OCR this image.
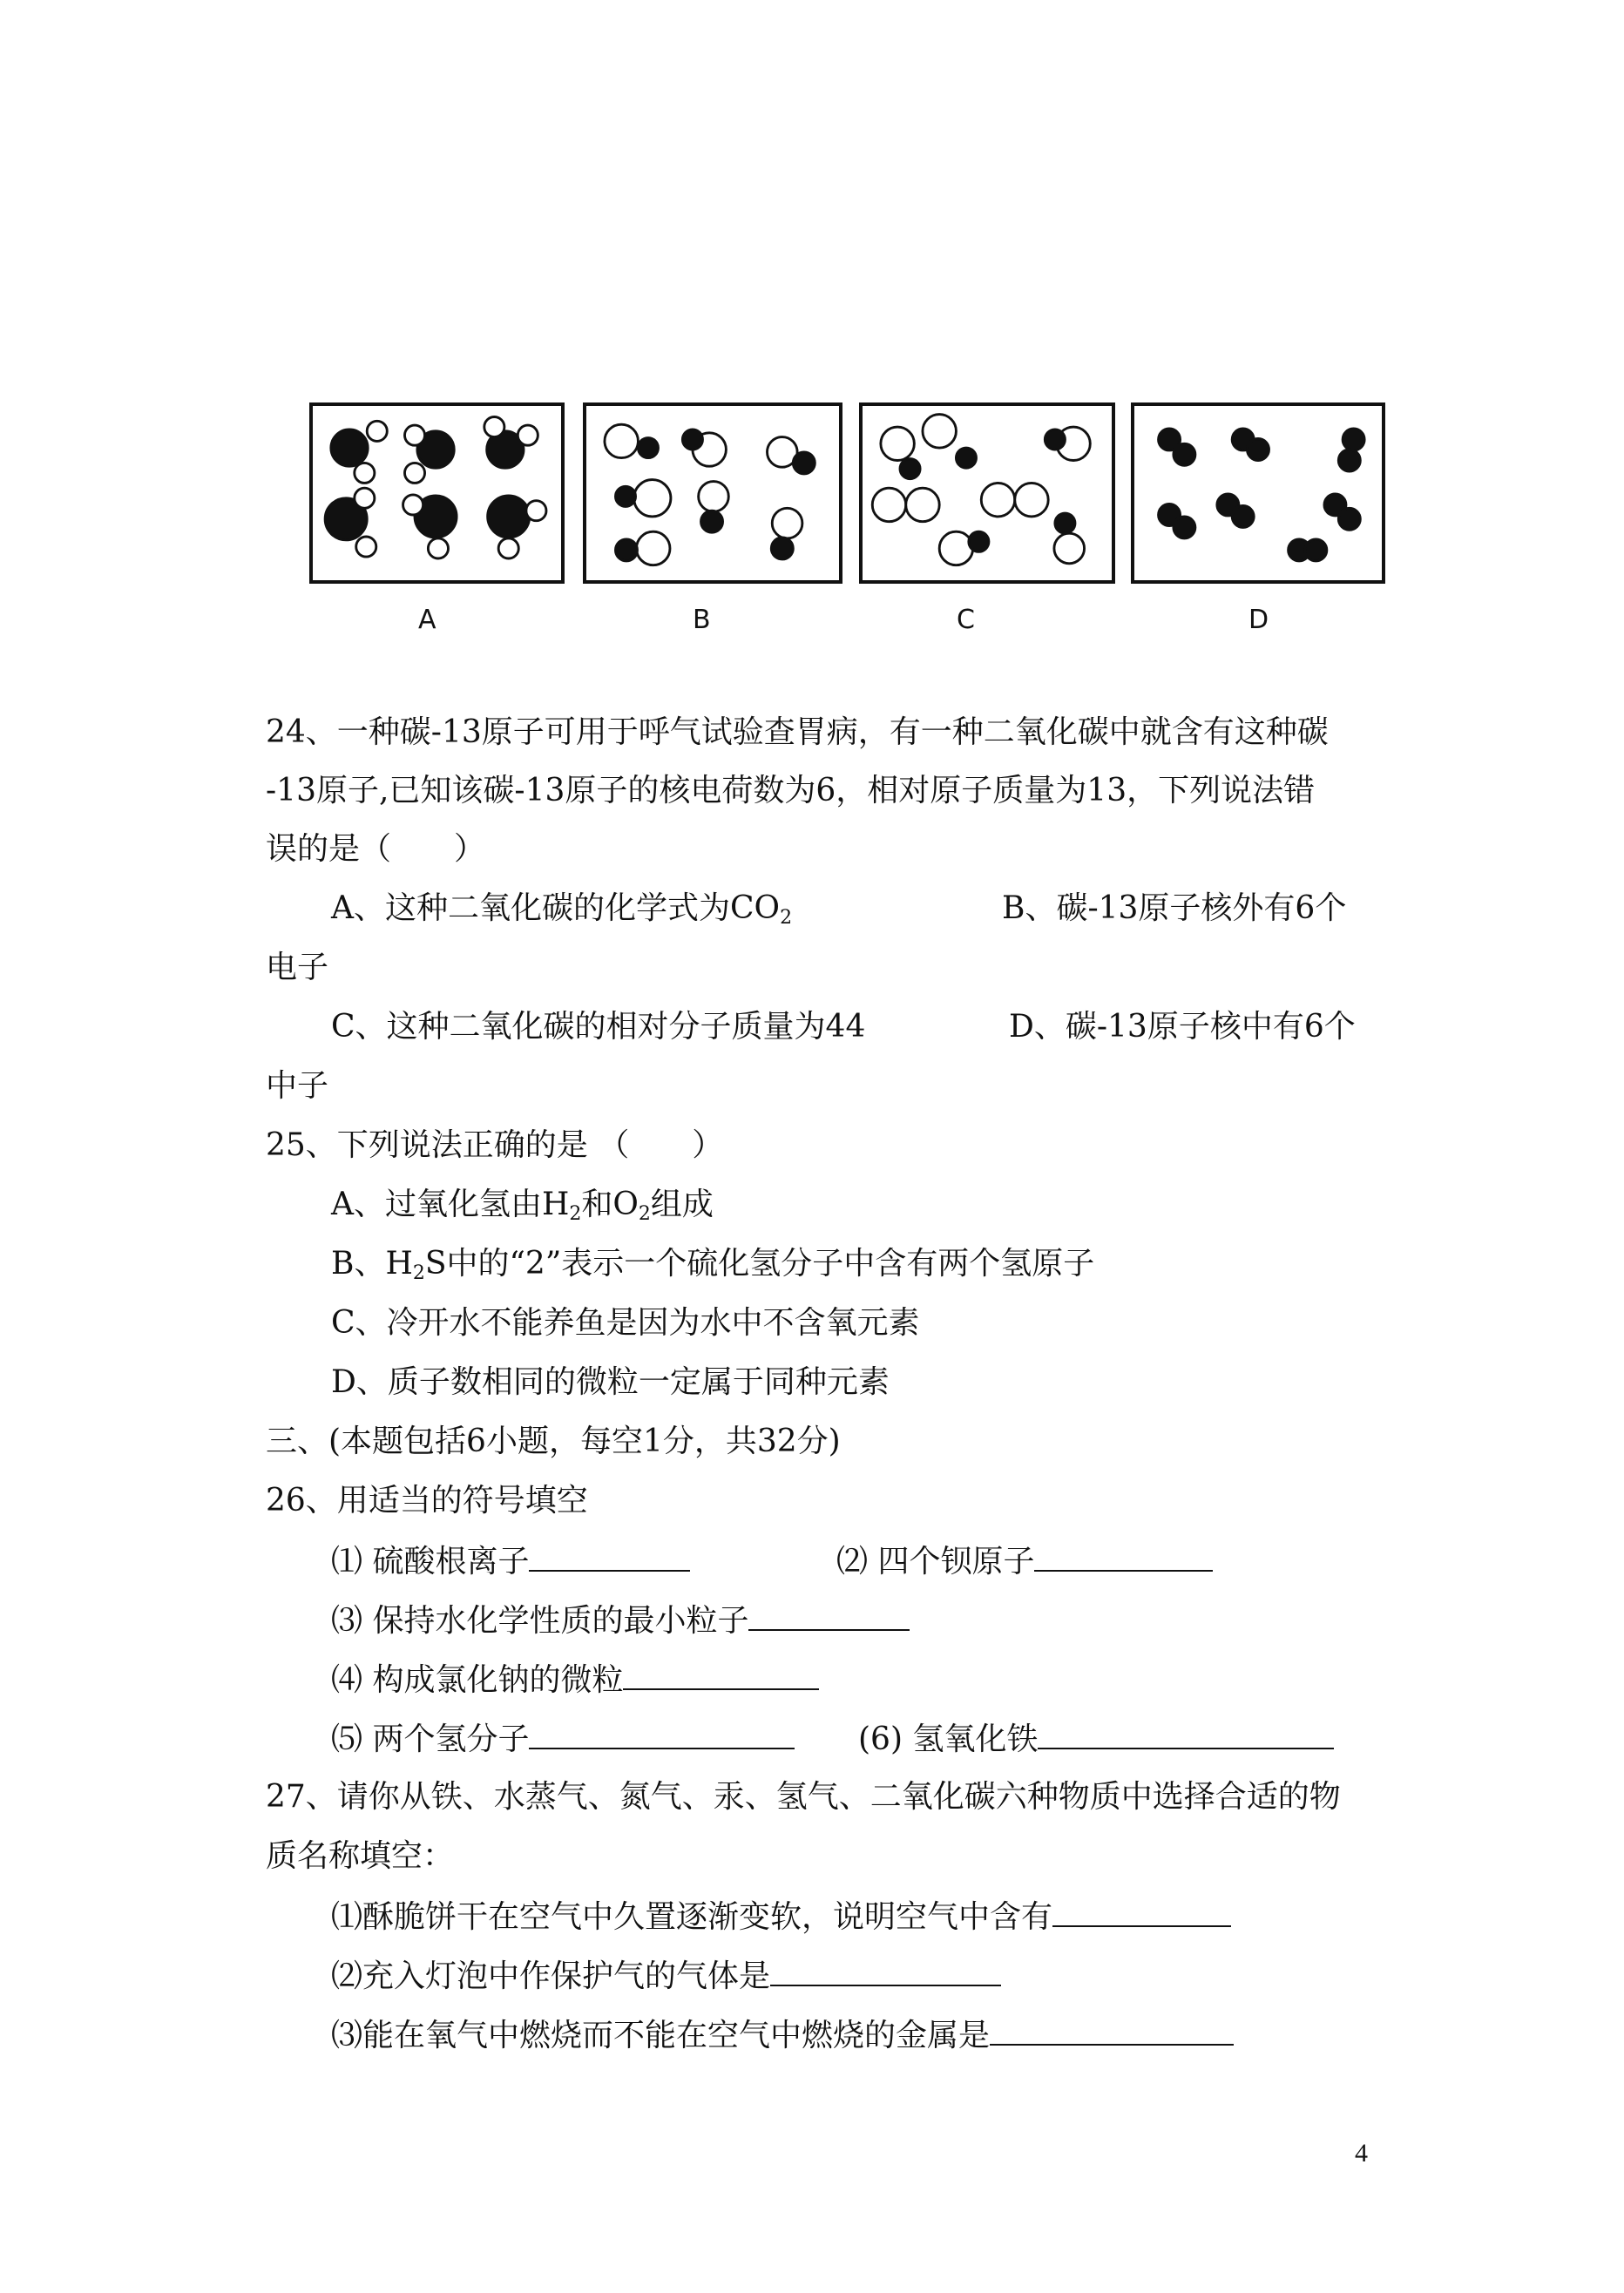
A	B	C	D
24、一种碳-13原子可用于呼气试验查胃病，有一种二氧化碳中就含有这种碳
-13原子,已知该碳-13原子的核电荷数为6，相对原子质量为13，下列说法错
误的是（　　）
A、这种二氧化碳的化学式为$CO_2$	B、碳-13原子核外有6个
电子
C、这种二氧化碳的相对分子质量为44	D、碳-13原子核中有6个
中子
25、下列说法正确的是 （　　）
A、过氧化氢由$H_2$和$O_2$组成
B、$H_2S$中的“2”表示一个硫化氢分子中含有两个氢原子
C、冷开水不能养鱼是因为水中不含氧元素
D、质子数相同的微粒一定属于同种元素
三、(本题包括6小题，每空1分，共32分)
26、用适当的符号填空
⑴ 硫酸根离子	⑵ 四个钡原子
⑶ 保持水化学性质的最小粒子
⑷ 构成氯化钠的微粒
⑸ 两个氢分子	(6) 氢氧化铁
27、请你从铁、水蒸气、氮气、汞、氢气、二氧化碳六种物质中选择合适的物
质名称填空：
⑴酥脆饼干在空气中久置逐渐变软，说明空气中含有
⑵充入灯泡中作保护气的气体是
⑶能在氧气中燃烧而不能在空气中燃烧的金属是
4
